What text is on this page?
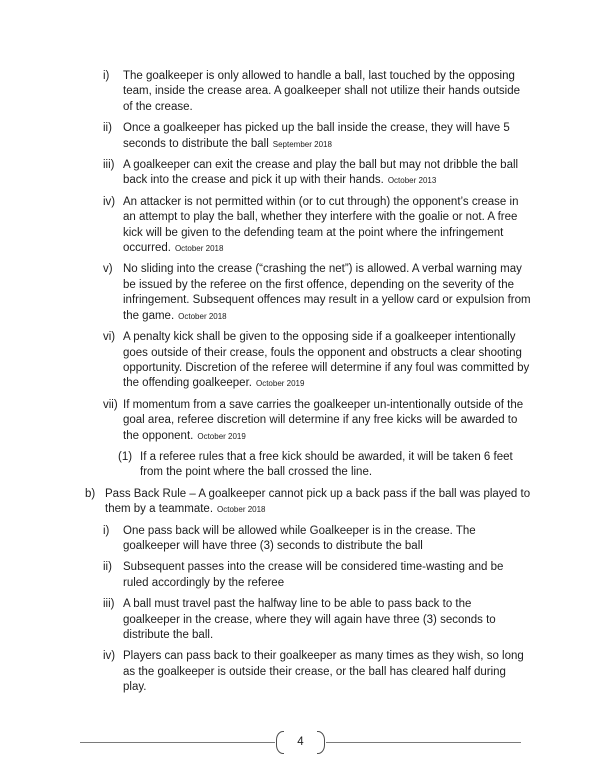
i)	The goalkeeper is only allowed to handle a ball, last touched by the opposing team, inside the crease area. A goalkeeper shall not utilize their hands outside of the crease.
ii) Once a goalkeeper has picked up the ball inside the crease, they will have 5 seconds to distribute the ball September 2018
iii) A goalkeeper can exit the crease and play the ball but may not dribble the ball back into the crease and pick it up with their hands. October 2013
iv) An attacker is not permitted within (or to cut through) the opponent’s crease in an attempt to play the ball, whether they interfere with the goalie or not. A free kick will be given to the defending team at the point where the infringement occurred. October 2018
v) No sliding into the crease (“crashing the net”) is allowed. A verbal warning may be issued by the referee on the first offence, depending on the severity of the infringement. Subsequent offences may result in a yellow card or expulsion from the game. October 2018
vi) A penalty kick shall be given to the opposing side if a goalkeeper intentionally goes outside of their crease, fouls the opponent and obstructs a clear shooting opportunity. Discretion of the referee will determine if any foul was committed by the offending goalkeeper. October 2019
vii) If momentum from a save carries the goalkeeper un-intentionally outside of the goal area, referee discretion will determine if any free kicks will be awarded to the opponent. October 2019
(1) If a referee rules that a free kick should be awarded, it will be taken 6 feet from the point where the ball crossed the line.
b) Pass Back Rule – A goalkeeper cannot pick up a back pass if the ball was played to them by a teammate. October 2018
i)	One pass back will be allowed while Goalkeeper is in the crease. The goalkeeper will have three (3) seconds to distribute the ball
ii) Subsequent passes into the crease will be considered time-wasting and be ruled accordingly by the referee
iii) A ball must travel past the halfway line to be able to pass back to the goalkeeper in the crease, where they will again have three (3) seconds to distribute the ball.
iv) Players can pass back to their goalkeeper as many times as they wish, so long as the goalkeeper is outside their crease, or the ball has cleared half during play.
4
